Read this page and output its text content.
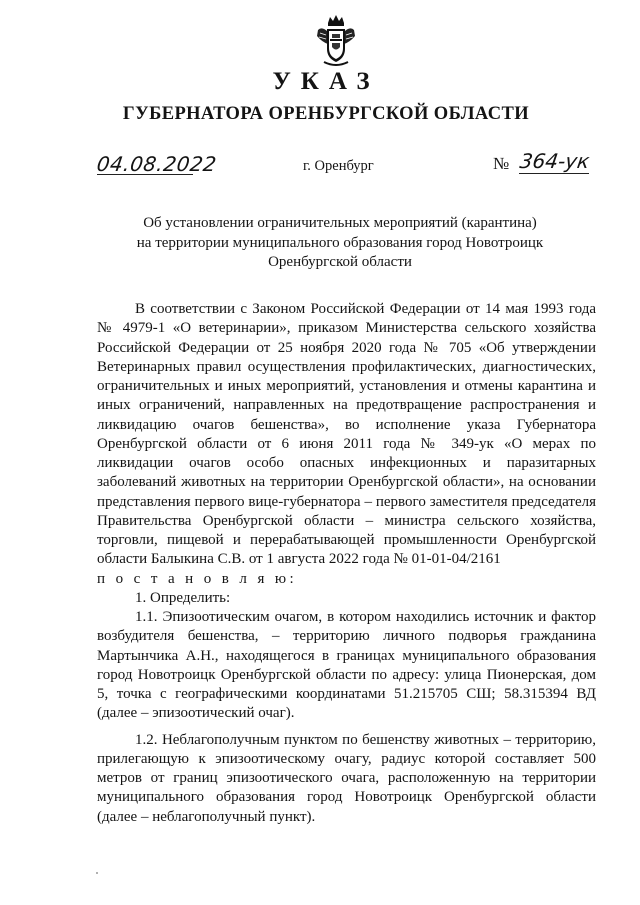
УКАЗ
ГУБЕРНАТОРА ОРЕНБУРГСКОЙ ОБЛАСТИ
04.08.2022	г. Оренбург	№ 364-ук
Об установлении ограничительных мероприятий (карантина)
на территории муниципального образования город Новотроицк
Оренбургской области

В соответствии с Законом Российской Федерации от 14 мая 1993 года № 4979-1 «О ветеринарии», приказом Министерства сельского хозяйства Российской Федерации от 25 ноября 2020 года № 705 «Об утверждении Ветеринарных правил осуществления профилактических, диагностических, ограничительных и иных мероприятий, установления и отмены карантина и иных ограничений, направленных на предотвращение распространения и ликвидацию очагов бешенства», во исполнение указа Губернатора Оренбургской области от 6 июня 2011 года № 349-ук «О мерах по ликвидации очагов особо опасных инфекционных и паразитарных заболеваний животных на территории Оренбургской области», на основании представления первого вице-губернатора – первого заместителя председателя Правительства Оренбургской области – министра сельского хозяйства, торговли, пищевой и перерабатывающей промышленности Оренбургской области Балыкина С.В. от 1 августа 2022 года № 01-01-04/2161

п о с т а н о в л я ю:

1. Определить:

1.1. Эпизоотическим очагом, в котором находились источник и фактор возбудителя бешенства, – территорию личного подворья гражданина Мартынчика А.Н., находящегося в границах муниципального образования город Новотроицк Оренбургской области по адресу: улица Пионерская, дом 5, точка с географическими координатами 51.215705 СШ; 58.315394 ВД (далее – эпизоотический очаг).

1.2. Неблагополучным пунктом по бешенству животных – территорию, прилегающую к эпизоотическому очагу, радиус которой составляет 500 метров от границ эпизоотического очага, расположенную на территории муниципального образования город Новотроицк Оренбургской области (далее – неблагополучный пункт).
